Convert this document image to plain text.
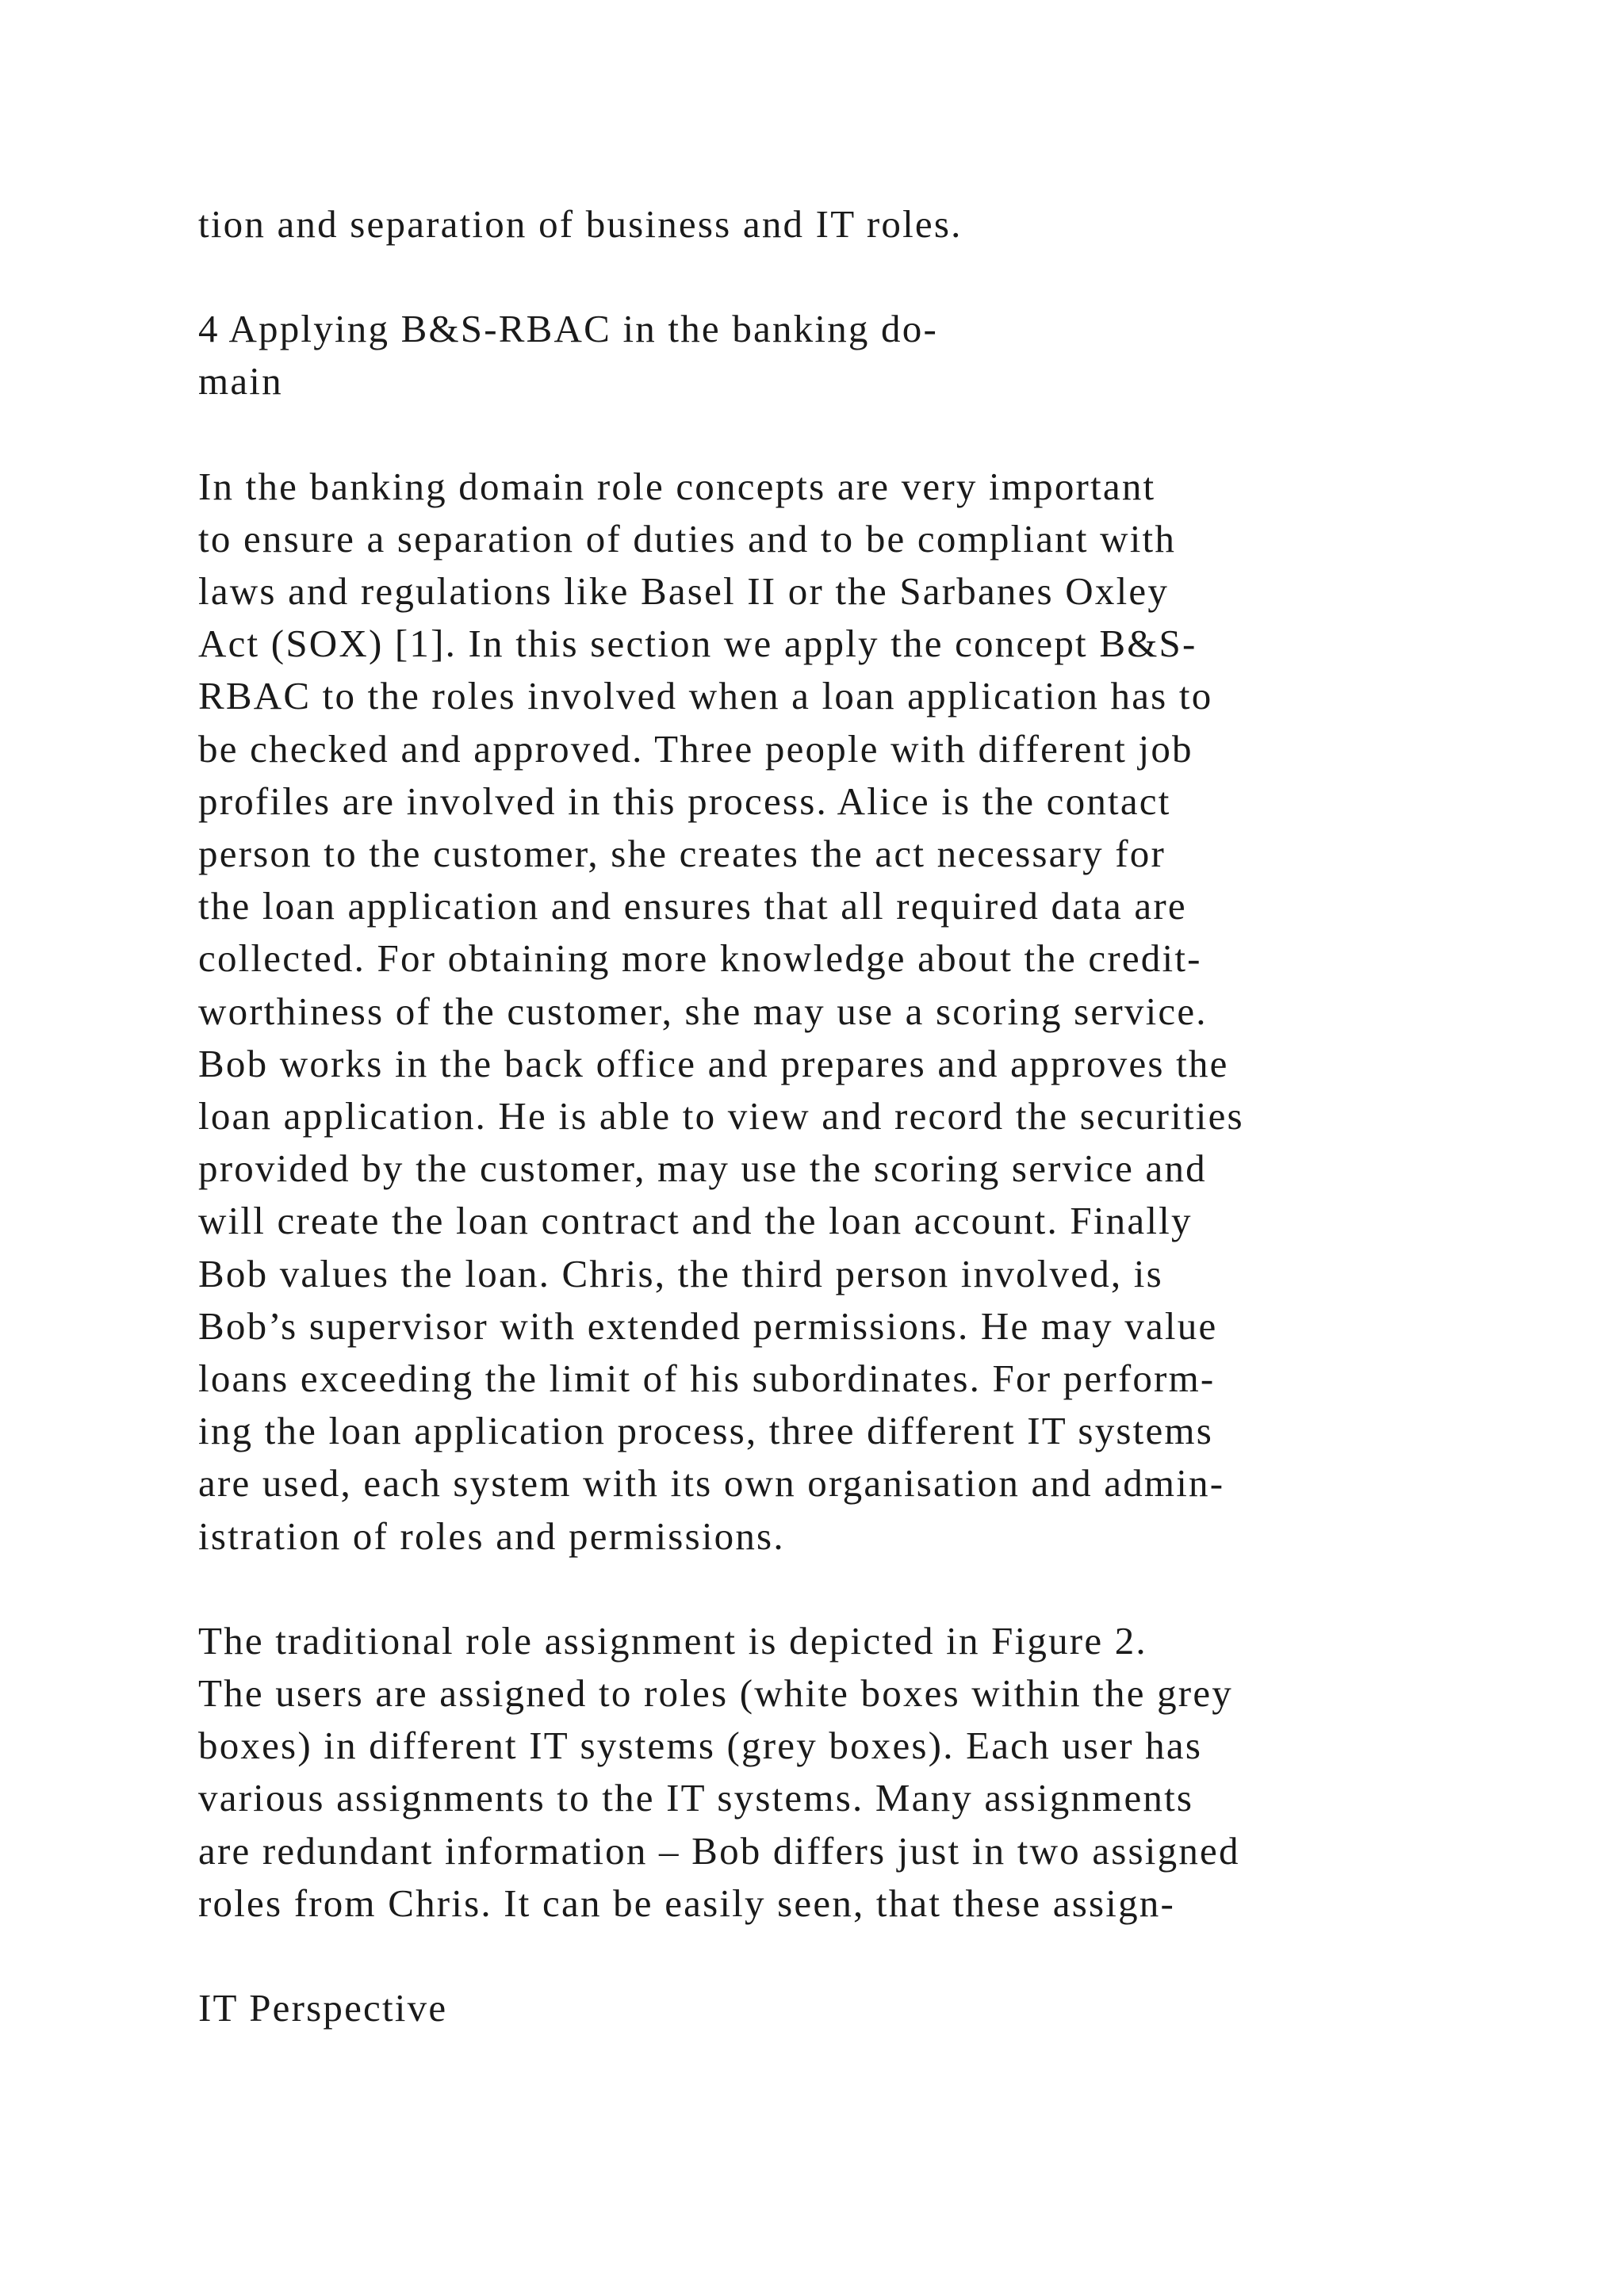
tion and separation of business and IT roles.
4 Applying B&S-RBAC in the banking do-
main
In the banking domain role concepts are very important
to ensure a separation of duties and to be compliant with
laws and regulations like Basel II or the Sarbanes Oxley
Act (SOX) [1]. In this section we apply the concept B&S-
RBAC to the roles involved when a loan application has to
be checked and approved. Three people with different job
profiles are involved in this process. Alice is the contact
person to the customer, she creates the act necessary for
the loan application and ensures that all required data are
collected. For obtaining more knowledge about the credit-
worthiness of the customer, she may use a scoring service.
Bob works in the back office and prepares and approves the
loan application. He is able to view and record the securities
provided by the customer, may use the scoring service and
will create the loan contract and the loan account. Finally
Bob values the loan. Chris, the third person involved, is
Bob’s supervisor with extended permissions. He may value
loans exceeding the limit of his subordinates. For perform-
ing the loan application process, three different IT systems
are used, each system with its own organisation and admin-
istration of roles and permissions.
The traditional role assignment is depicted in Figure 2.
The users are assigned to roles (white boxes within the grey
boxes) in different IT systems (grey boxes). Each user has
various assignments to the IT systems. Many assignments
are redundant information – Bob differs just in two assigned
roles from Chris. It can be easily seen, that these assign-
IT Perspective
